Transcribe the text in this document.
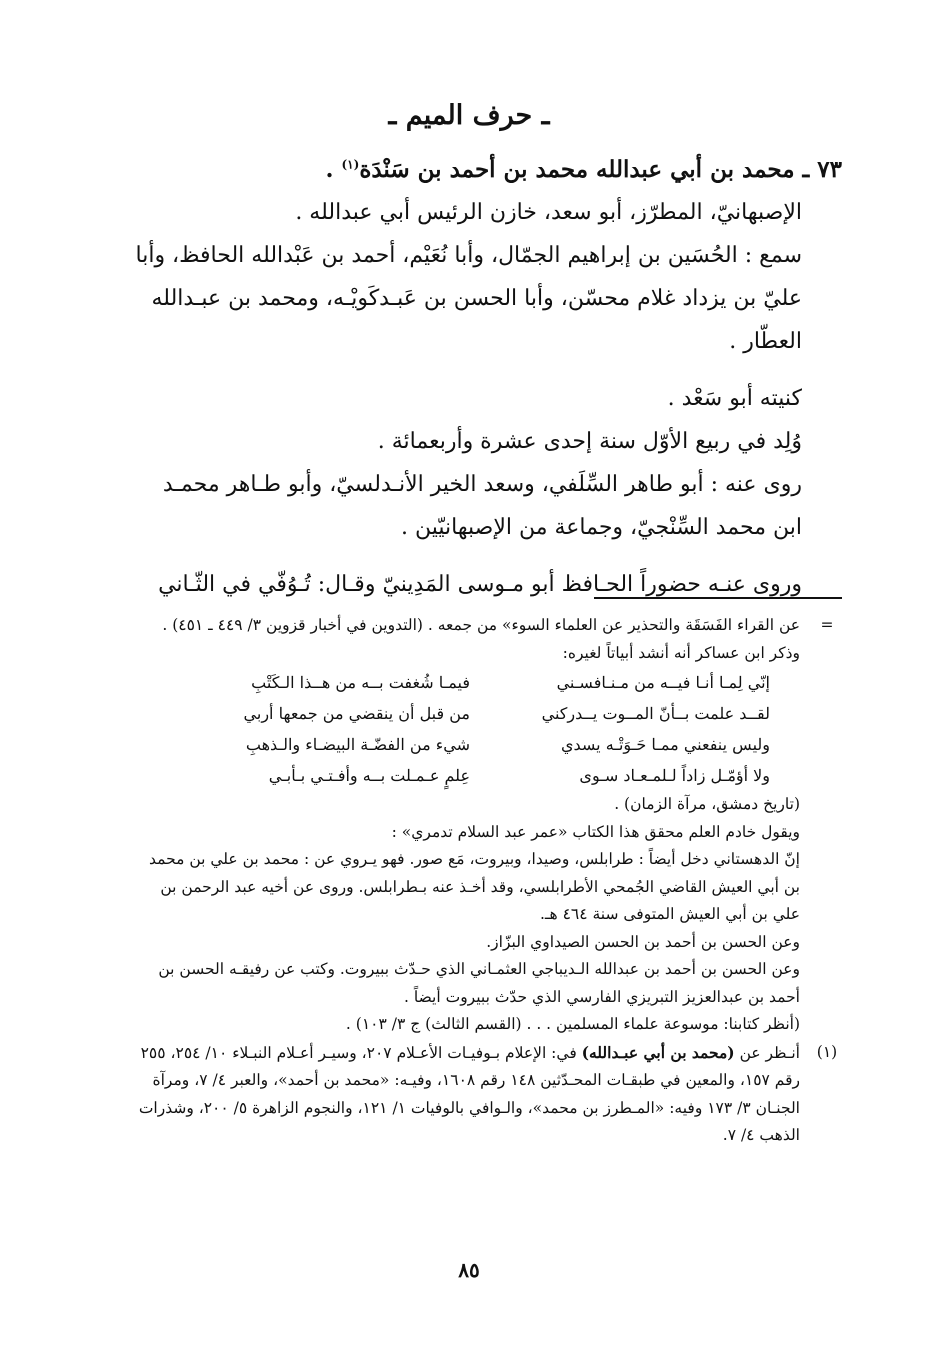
ـ حرف الميم ـ

٧٣ ـ محمد بن أبي عبدالله محمد بن أحمد بن سَنْدَة$^{(١)}$ .

الإصبهانيّ، المطرّز، أبو سعد، خازن الرئيس أبي عبدالله .

سمع : الحُسَين بن إبراهيم الجمّال، وأبا نُعَيْم، أحمد بن عَبْدالله الحافظ، وأبا عليّ بن يزداد غلام محسّن، وأبا الحسن بن عَبـدكَويْـه، ومحمد بن عبـدالله العطّار .

كنيته أبو سَعْد .

وُلِد في ربيع الأوّل سنة إحدى عشرة وأربعمائة .

روى عنه : أبو طاهر السِّلَفي، وسعد الخير الأنـدلسيّ، وأبو طـاهر محمـد ابن محمد السِّنْجيّ، وجماعة من الإصبهانيّين .

وروى عنـه حضوراً الحـافظ أبو مـوسى المَدِينيّ وقـال: تُـوُفّي في الثّـاني

=

عن القراء الفَسَقَة والتحذير عن العلماء السوء» من جمعه . (التدوين في أخبار قزوين ٣/ ٤٤٩ ـ ٤٥١) .

وذكر ابن عساكر أنه أنشد أبياتاً لغيره:

إنّي لِمـا أنـا فيــه من مـنـافسـني
فيمـا شُغفت بــه من هــذا الـكَتْبِ
لقــد علمت بــأنّ المــوت يــدركني
من قبل أن ينقضي من جمعها أربي
وليس ينفعني ممـا حَـوَتْـه يسدي
شيء من الفضّـة البيضـاء والـذهبِ
ولا أؤمّـل زاداً لـلمـعـاد سـوى
عِلمٍ عـمـلت بــه وأفـتـي بـأبـي

(تاريخ دمشق، مرآة الزمان) .

ويقول خادم العلم محقق هذا الكتاب «عمر عبد السلام تدمري» :

إنّ الدهستاني دخل أيضاً : طرابلس، وصيدا، وبيروت، مَع صور. فهو يـروي عن : محمد بن علي بن محمد بن أبي العيش القاضي الجُمحي الأطرابلسي، وقد أخـذ عنه بـطرابلس. وروى عن أخيه عبد الرحمن بن علي بن أبي العيش المتوفى سنة ٤٦٤ هـ.

وعن الحسن بن أحمد بن الحسن الصيداوي البزّاز.

وعن الحسن بن أحمد بن عبدالله الـديباجي العثمـاني الذي حـدّث ببيروت. وكتب عن رفيقـه الحسن بن أحمد بن عبدالعزيز التبريزي الفارسي الذي حدّث ببيروت أيضاً .

(أنظر كتابنا: موسوعة علماء المسلمين . . . (القسم الثالث) ج ٣/ ١٠٣) .

(١)

أنـظر عن (محمد بن أبي عبـدالله) في: الإعلام بـوفيـات الأعـلام ٢٠٧، وسيـر أعـلام النبـلاء ١٠/ ٢٥٤، ٢٥٥ رقم ١٥٧، والمعين في طبقـات المحـدّثين ١٤٨ رقم ١٦٠٨، وفيـه: «محمد بن أحمد»، والعبر ٤/ ٧، ومرآة الجنـان ٣/ ١٧٣ وفيه: «المـطرز بن محمد»، والـوافي بالوفيات ١/ ١٢١، والنجوم الزاهرة ٥/ ٢٠٠، وشذرات الذهب ٤/ ٧.

٨٥
